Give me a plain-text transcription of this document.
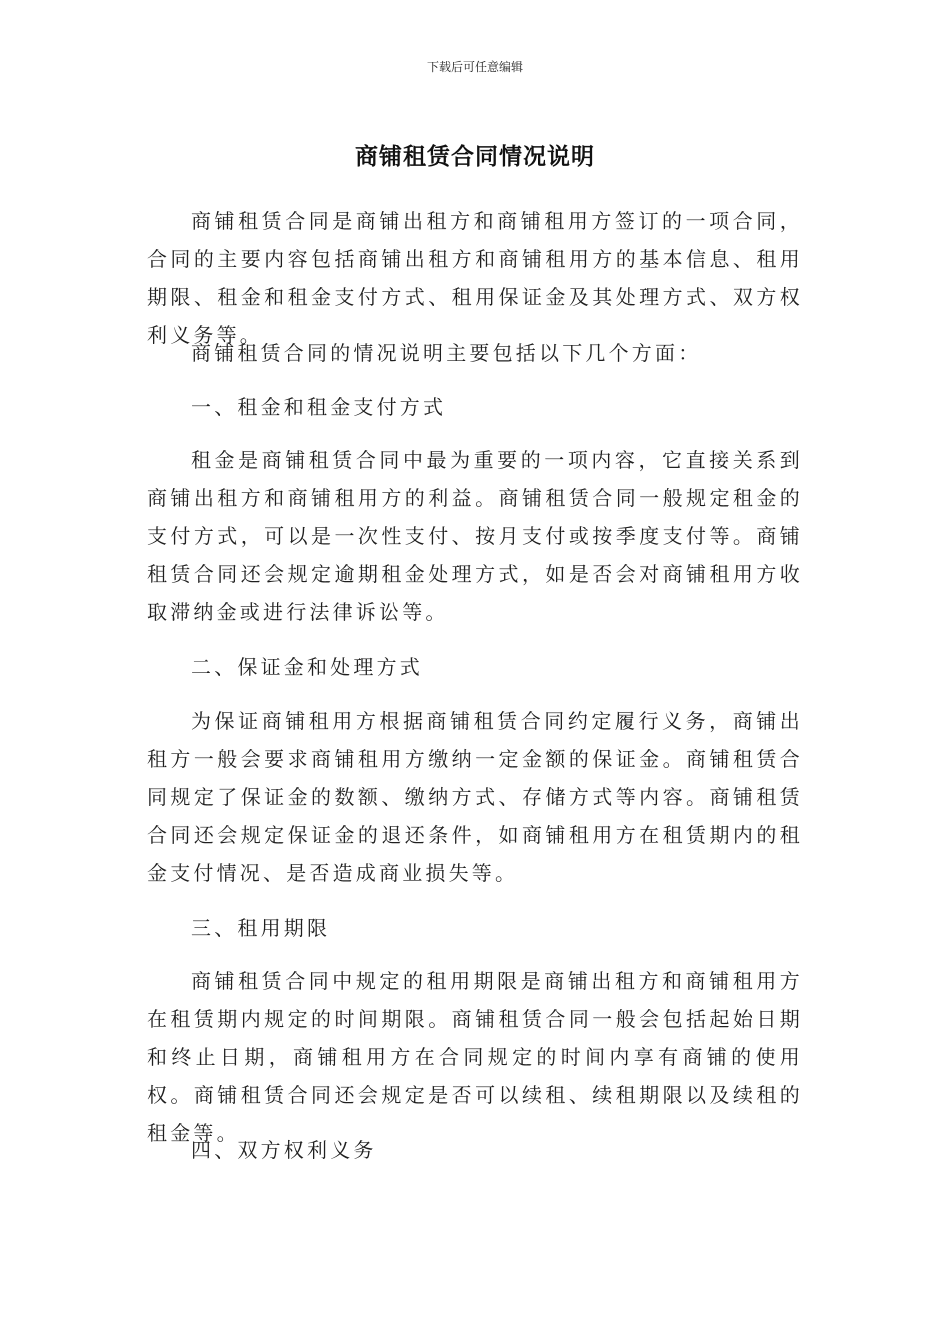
下载后可任意编辑
商铺租赁合同情况说明

商铺租赁合同是商铺出租方和商铺租用方签订的一项合同，合同的主要内容包括商铺出租方和商铺租用方的基本信息、租用期限、租金和租金支付方式、租用保证金及其处理方式、双方权利义务等。

商铺租赁合同的情况说明主要包括以下几个方面：

一、租金和租金支付方式

租金是商铺租赁合同中最为重要的一项内容，它直接关系到商铺出租方和商铺租用方的利益。商铺租赁合同一般规定租金的支付方式，可以是一次性支付、按月支付或按季度支付等。商铺租赁合同还会规定逾期租金处理方式，如是否会对商铺租用方收取滞纳金或进行法律诉讼等。

二、保证金和处理方式

为保证商铺租用方根据商铺租赁合同约定履行义务，商铺出租方一般会要求商铺租用方缴纳一定金额的保证金。商铺租赁合同规定了保证金的数额、缴纳方式、存储方式等内容。商铺租赁合同还会规定保证金的退还条件，如商铺租用方在租赁期内的租金支付情况、是否造成商业损失等。

三、租用期限

商铺租赁合同中规定的租用期限是商铺出租方和商铺租用方在租赁期内规定的时间期限。商铺租赁合同一般会包括起始日期和终止日期，商铺租用方在合同规定的时间内享有商铺的使用权。商铺租赁合同还会规定是否可以续租、续租期限以及续租的租金等。

四、双方权利义务
